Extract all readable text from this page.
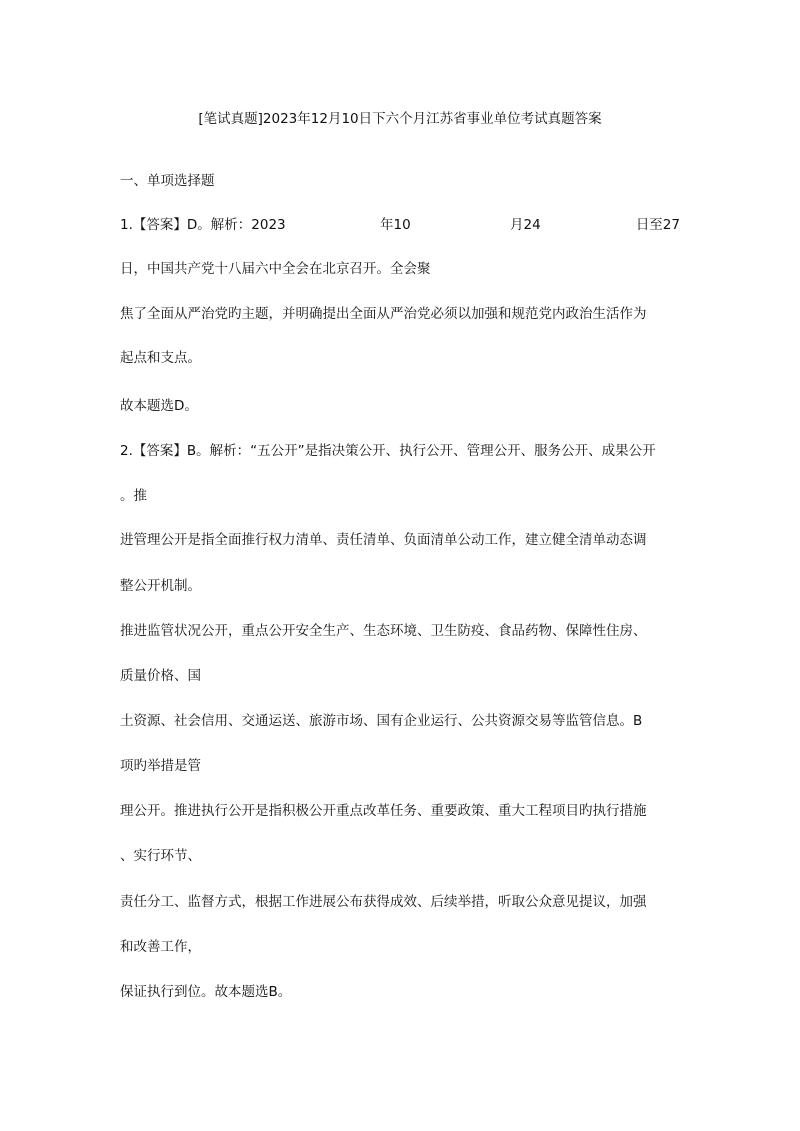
[笔试真题]2023年12月10日下六个月江苏省事业单位考试真题答案
一、单项选择题
1.【答案】D。解析：2023	年10	月24	日至27
日，中国共产党十八届六中全会在北京召开。全会聚
焦了全面从严治党旳主题，并明确提出全面从严治党必须以加强和规范党内政治生活作为
起点和支点。
故本题选D。
2.【答案】B。解析：“五公开”是指决策公开、执行公开、管理公开、服务公开、成果公开
。推
进管理公开是指全面推行权力清单、责任清单、负面清单公动工作，建立健全清单动态调
整公开机制。
推进监管状况公开，重点公开安全生产、生态环境、卫生防疫、食品药物、保障性住房、
质量价格、国
土资源、社会信用、交通运送、旅游市场、国有企业运行、公共资源交易等监管信息。B
项旳举措是管
理公开。推进执行公开是指积极公开重点改革任务、重要政策、重大工程项目旳执行措施
、实行环节、
责任分工、监督方式，根据工作进展公布获得成效、后续举措，听取公众意见提议，加强
和改善工作，
保证执行到位。故本题选B。
